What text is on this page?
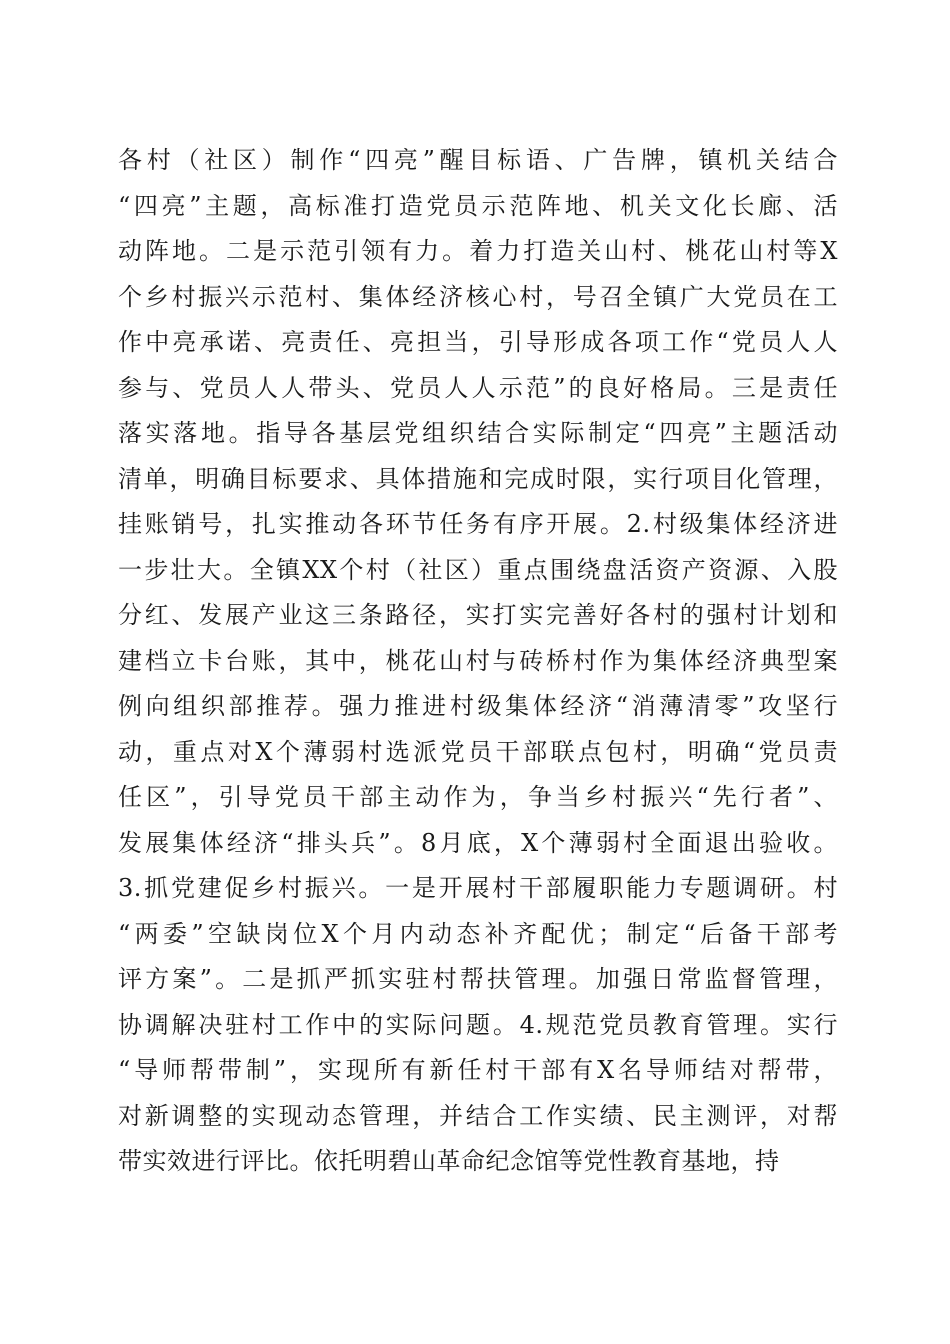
各村（社区）制作“四亮”醒目标语、广告牌，镇机关结合
“四亮”主题，高标准打造党员示范阵地、机关文化长廊、活
动阵地。二是示范引领有力。着力打造关山村、桃花山村等X
个乡村振兴示范村、集体经济核心村，号召全镇广大党员在工
作中亮承诺、亮责任、亮担当，引导形成各项工作“党员人人
参与、党员人人带头、党员人人示范”的良好格局。三是责任
落实落地。指导各基层党组织结合实际制定“四亮”主题活动
清单，明确目标要求、具体措施和完成时限，实行项目化管理，
挂账销号，扎实推动各环节任务有序开展。2.村级集体经济进
一步壮大。全镇XX个村（社区）重点围绕盘活资产资源、入股
分红、发展产业这三条路径，实打实完善好各村的强村计划和
建档立卡台账，其中，桃花山村与砖桥村作为集体经济典型案
例向组织部推荐。强力推进村级集体经济“消薄清零”攻坚行
动，重点对X个薄弱村选派党员干部联点包村，明确“党员责
任区”，引导党员干部主动作为，争当乡村振兴“先行者”、
发展集体经济“排头兵”。8月底，X个薄弱村全面退出验收。
3.抓党建促乡村振兴。一是开展村干部履职能力专题调研。村
“两委”空缺岗位X个月内动态补齐配优；制定“后备干部考
评方案”。二是抓严抓实驻村帮扶管理。加强日常监督管理，
协调解决驻村工作中的实际问题。4.规范党员教育管理。实行
“导师帮带制”，实现所有新任村干部有X名导师结对帮带，
对新调整的实现动态管理，并结合工作实绩、民主测评，对帮
带实效进行评比。依托明碧山革命纪念馆等党性教育基地，持
